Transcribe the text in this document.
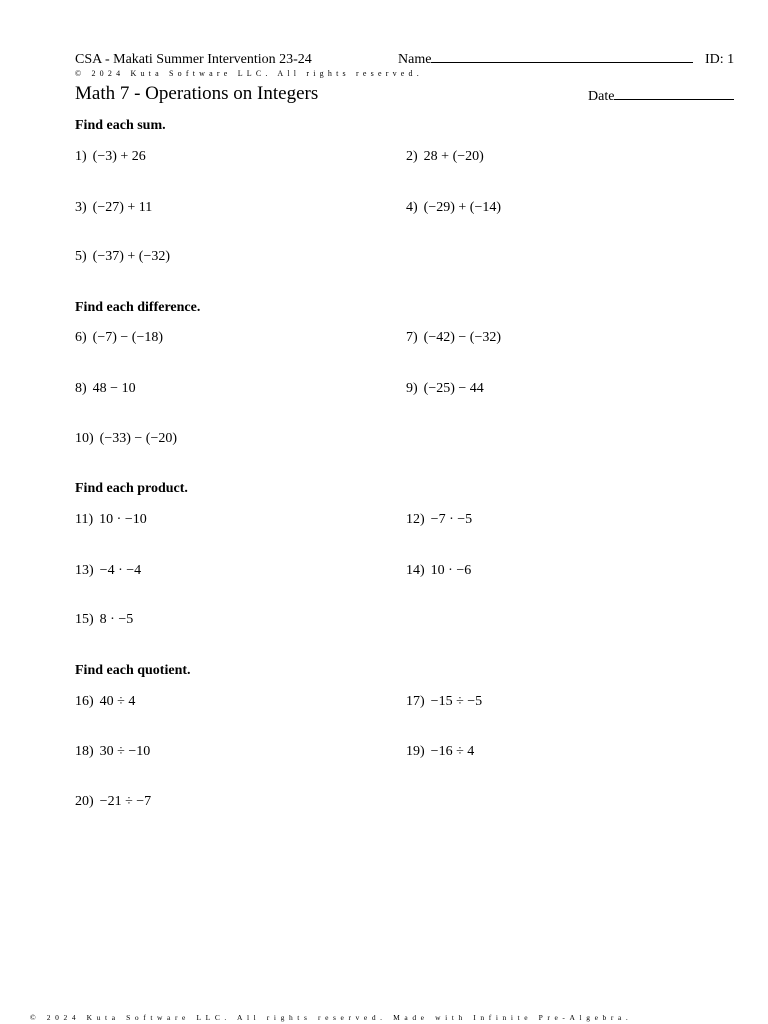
CSA - Makati Summer Intervention 23-24	Name	ID: 1
© 2024 Kuta Software LLC. All rights reserved.
Math 7 - Operations on Integers	Date
Find each sum.
1) (−3) + 26	2) 28 + (−20)
3) (−27) + 11	4) (−29) + (−14)
5) (−37) + (−32)
Find each difference.
6) (−7) − (−18)	7) (−42) − (−32)
8) 48 − 10	9) (−25) − 44
10) (−33) − (−20)
Find each product.
11) 10 · −10	12) −7 · −5
13) −4 · −4	14) 10 · −6
15) 8 · −5
Find each quotient.
16) 40 ÷ 4	17) −15 ÷ −5
18) 30 ÷ −10	19) −16 ÷ 4
20) −21 ÷ −7
© 2024 Kuta Software LLC. All rights reserved. Made with Infinite Pre-Algebra.
